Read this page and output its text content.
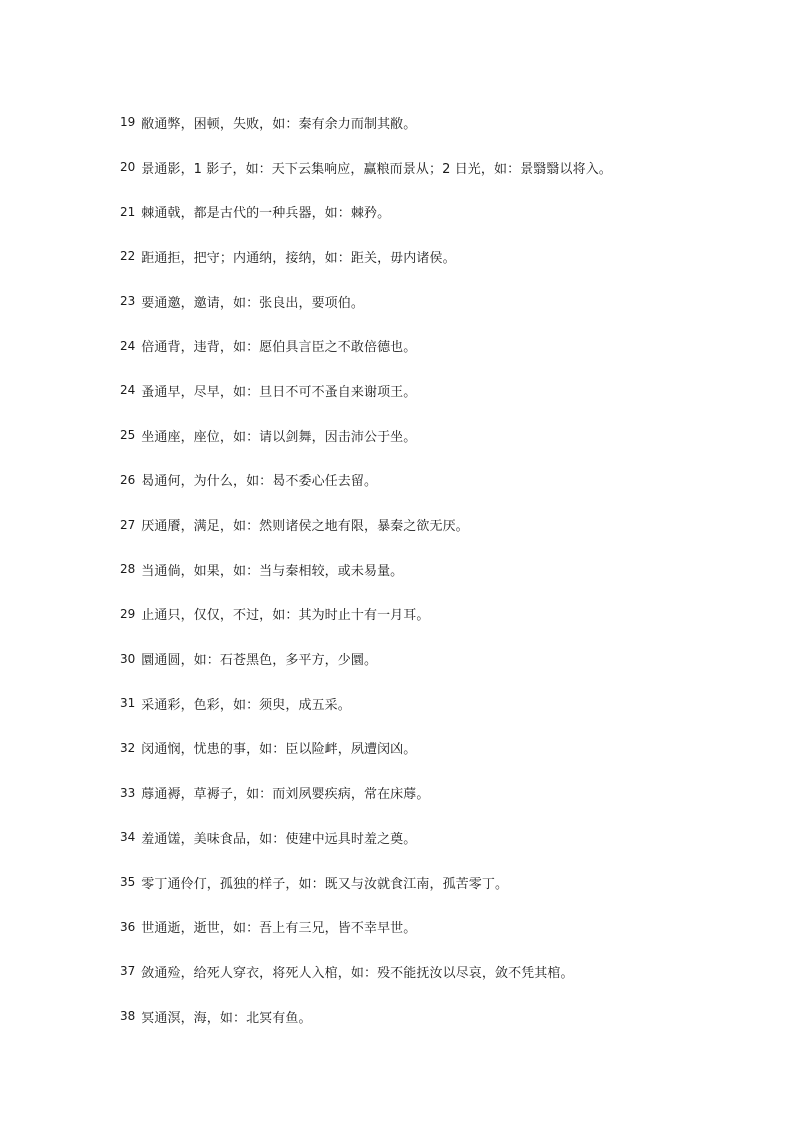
19 敝通弊，困顿，失败，如：秦有余力而制其敝。
20 景通影，1 影子，如：天下云集响应，赢粮而景从；2 日光，如：景翳翳以将入。
21 棘通戟，都是古代的一种兵器，如：棘矜。
22 距通拒，把守；内通纳，接纳，如：距关，毋内诸侯。
23 要通邀，邀请，如：张良出，要项伯。
24 倍通背，违背，如：愿伯具言臣之不敢倍德也。
24 蚤通早，尽早，如：旦日不可不蚤自来谢项王。
25 坐通座，座位，如：请以剑舞，因击沛公于坐。
26 曷通何，为什么，如：曷不委心任去留。
27 厌通餍，满足，如：然则诸侯之地有限，暴秦之欲无厌。
28 当通倘，如果，如：当与秦相较，或未易量。
29 止通只，仅仅，不过，如：其为时止十有一月耳。
30 圜通圆，如：石苍黑色，多平方，少圜。
31 采通彩，色彩，如：须臾，成五采。
32 闵通悯，忧患的事，如：臣以险衅，夙遭闵凶。
33 蓐通褥，草褥子，如：而刘夙婴疾病，常在床蓐。
34 羞通馐，美味食品，如：使建中远具时羞之奠。
35 零丁通伶仃，孤独的样子，如：既又与汝就食江南，孤苦零丁。
36 世通逝，逝世，如：吾上有三兄，皆不幸早世。
37 敛通殓，给死人穿衣，将死人入棺，如：殁不能抚汝以尽哀，敛不凭其棺。
38 冥通溟，海，如：北冥有鱼。
